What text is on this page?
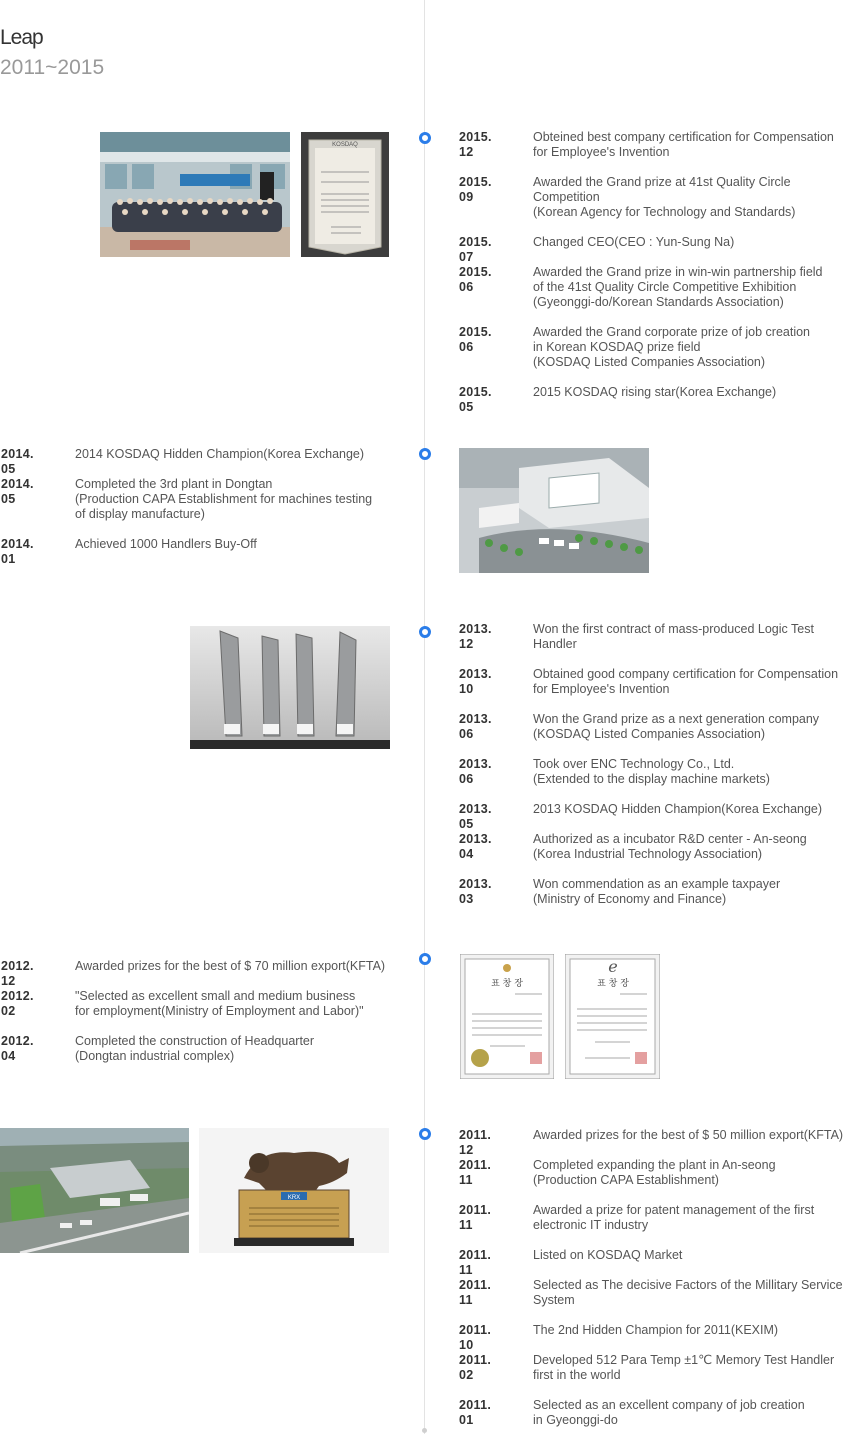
Leap
2011~2015
KOSDAQ
2015. 12
Obteined best company certification for Compensation
for Employee's Invention
2015. 09
Awarded the Grand prize at 41st Quality Circle
Competition
(Korean Agency for Technology and Standards)
2015. 07
Changed CEO(CEO : Yun-Sung Na)
2015. 06
Awarded the Grand prize in win-win partnership field
of the 41st Quality Circle Competitive Exhibition
(Gyeonggi-do/Korean Standards Association)
2015. 06
Awarded the Grand corporate prize of job creation
in Korean KOSDAQ prize field
(KOSDAQ Listed Companies Association)
2015. 05
2015 KOSDAQ rising star(Korea Exchange)
2014. 05
2014 KOSDAQ Hidden Champion(Korea Exchange)
2014. 05
Completed the 3rd plant in Dongtan
(Production CAPA Establishment for machines testing
of display manufacture)
2014. 01
Achieved 1000 Handlers Buy-Off
2013. 12
Won the first contract of mass-produced Logic Test
Handler
2013. 10
Obtained good company certification for Compensation
for Employee's Invention
2013. 06
Won the Grand prize as a next generation company
(KOSDAQ Listed Companies Association)
2013. 06
Took over ENC Technology Co., Ltd.
(Extended to the display machine markets)
2013. 05
2013 KOSDAQ Hidden Champion(Korea Exchange)
2013. 04
Authorized as a incubator R&D center - An-seong
(Korea Industrial Technology Association)
2013. 03
Won commendation as an example taxpayer
(Ministry of Economy and Finance)
2012. 12
Awarded prizes for the best of $ 70 million export(KFTA)
2012. 02
"Selected as excellent small and medium business
for employment(Ministry of Employment and Labor)"
2012. 04
Completed the construction of Headquarter
(Dongtan industrial complex)
표 창 장
e
표 창 장
KRX
2011. 12
Awarded prizes for the best of $ 50 million export(KFTA)
2011. 11
Completed expanding the plant in An-seong
(Production CAPA Establishment)
2011. 11
Awarded a prize for patent management of the first
electronic IT industry
2011. 11
Listed on KOSDAQ Market
2011. 11
Selected as The decisive Factors of the Millitary Service
System
2011. 10
The 2nd Hidden Champion for 2011(KEXIM)
2011. 02
Developed 512 Para Temp ±1℃ Memory Test Handler
first in the world
2011. 01
Selected as an excellent company of job creation
in Gyeonggi-do
